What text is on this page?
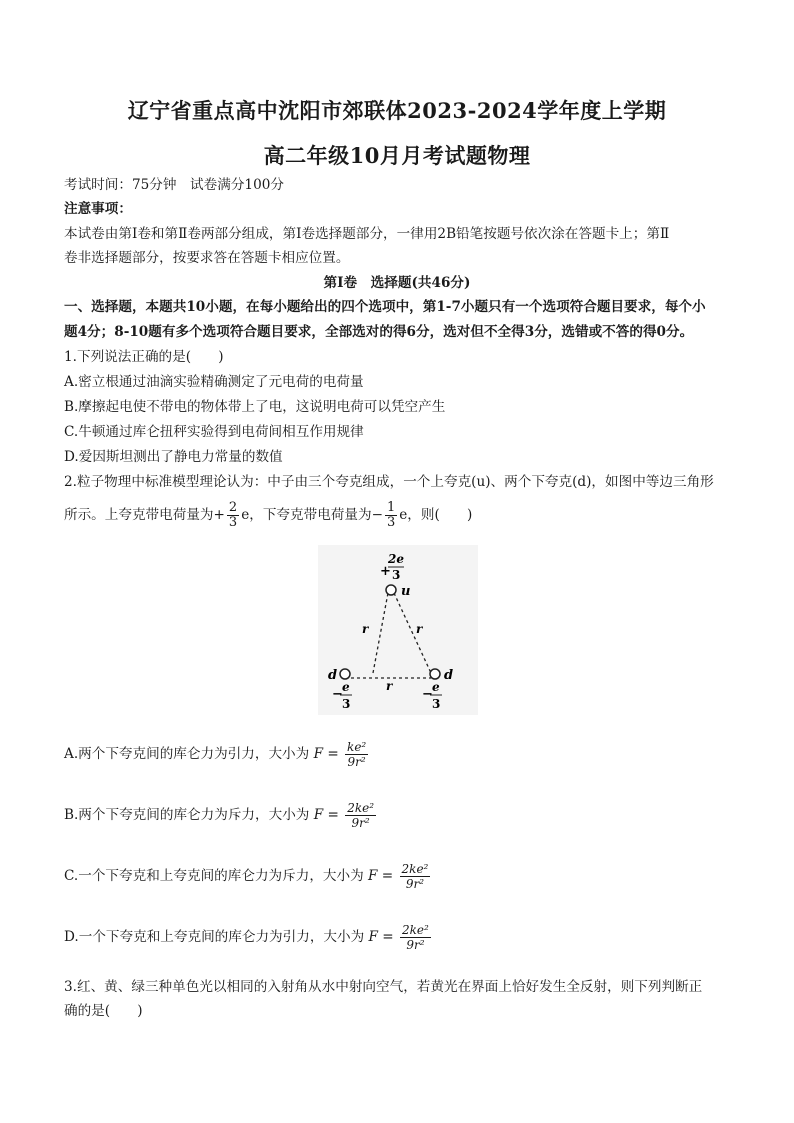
辽宁省重点高中沈阳市郊联体2023-2024学年度上学期
高二年级10月月考试题物理
考试时间：75分钟　试卷满分100分
注意事项：
本试卷由第Ⅰ卷和第Ⅱ卷两部分组成，第Ⅰ卷选择题部分，一律用2B铅笔按题号依次涂在答题卡上；第Ⅱ
卷非选择题部分，按要求答在答题卡相应位置。
第Ⅰ卷　选择题(共46分)
一、选择题，本题共10小题，在每小题给出的四个选项中，第1-7小题只有一个选项符合题目要求，每个小
题4分；8-10题有多个选项符合题目要求，全部选对的得6分，选对但不全得3分，选错或不答的得0分。
1.下列说法正确的是(　　)
A.密立根通过油滴实验精确测定了元电荷的电荷量
B.摩擦起电使不带电的物体带上了电，这说明电荷可以凭空产生
C.牛顿通过库仑扭秤实验得到电荷间相互作用规律
D.爱因斯坦测出了静电力常量的数值
2.粒子物理中标准模型理论认为：中子由三个夸克组成，一个上夸克(u)、两个下夸克(d)，如图中等边三角形
所示。上夸克带电荷量为+ $\frac{2}{3}$ e，下夸克带电荷量为− $\frac{1}{3}$ e，则(　　)
+
2e
3
u
r	r
r
d	d
− e
3
− e
3
A.两个下夸克间的库仑力为引力，大小为 $F = \frac{\text{ke²}}{\text{9r²}}$
B.两个下夸克间的库仑力为斥力，大小为 $F = \frac{\text{2ke²}}{\text{9r²}}$
C.一个下夸克和上夸克间的库仑力为斥力，大小为 $F = \frac{\text{2ke²}}{\text{9r²}}$
D.一个下夸克和上夸克间的库仑力为引力，大小为 $F = \frac{\text{2ke²}}{\text{9r²}}$
3.红、黄、绿三种单色光以相同的入射角从水中射向空气，若黄光在界面上恰好发生全反射，则下列判断正
确的是(　　)
